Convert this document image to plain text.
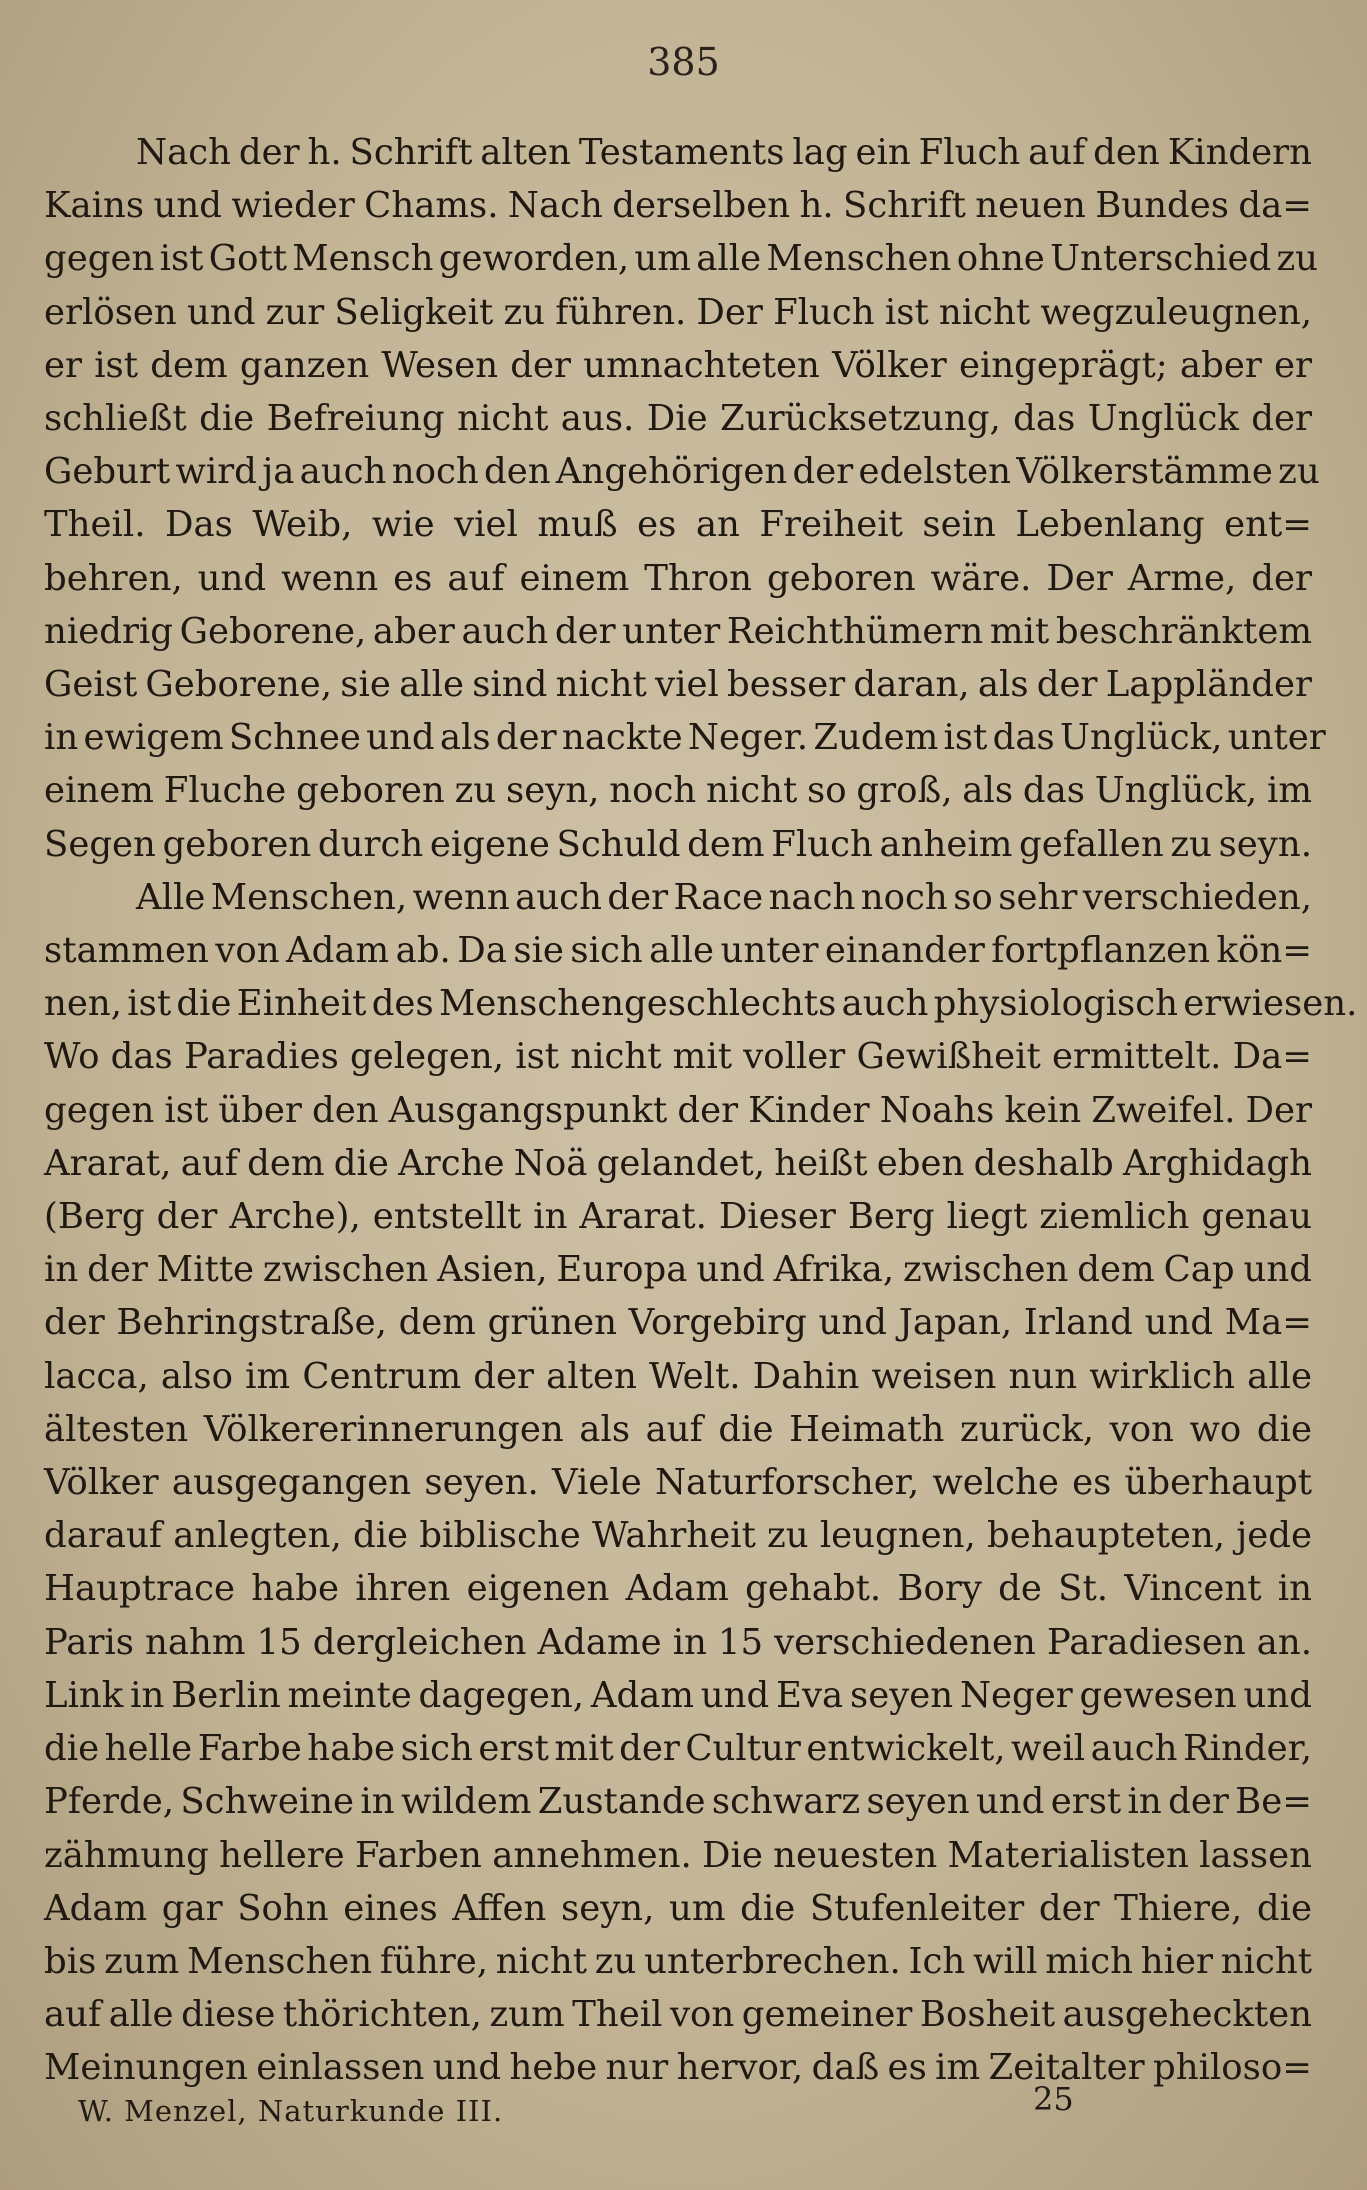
385

Nach der h. Schrift alten Testaments lag ein Fluch auf den Kindern
Kains und wieder Chams. Nach derselben h. Schrift neuen Bundes da=
gegen ist Gott Mensch geworden, um alle Menschen ohne Unterschied zu
erlösen und zur Seligkeit zu führen. Der Fluch ist nicht wegzuleugnen,
er ist dem ganzen Wesen der umnachteten Völker eingeprägt; aber er
schließt die Befreiung nicht aus. Die Zurücksetzung, das Unglück der
Geburt wird ja auch noch den Angehörigen der edelsten Völkerstämme zu
Theil. Das Weib, wie viel muß es an Freiheit sein Lebenlang ent=
behren, und wenn es auf einem Thron geboren wäre. Der Arme, der
niedrig Geborene, aber auch der unter Reichthümern mit beschränktem
Geist Geborene, sie alle sind nicht viel besser daran, als der Lappländer
in ewigem Schnee und als der nackte Neger. Zudem ist das Unglück, unter
einem Fluche geboren zu seyn, noch nicht so groß, als das Unglück, im
Segen geboren durch eigene Schuld dem Fluch anheim gefallen zu seyn.

Alle Menschen, wenn auch der Race nach noch so sehr verschieden,
stammen von Adam ab. Da sie sich alle unter einander fortpflanzen kön=
nen, ist die Einheit des Menschengeschlechts auch physiologisch erwiesen.
Wo das Paradies gelegen, ist nicht mit voller Gewißheit ermittelt. Da=
gegen ist über den Ausgangspunkt der Kinder Noahs kein Zweifel. Der
Ararat, auf dem die Arche Noä gelandet, heißt eben deshalb Arghidagh
(Berg der Arche), entstellt in Ararat. Dieser Berg liegt ziemlich genau
in der Mitte zwischen Asien, Europa und Afrika, zwischen dem Cap und
der Behringstraße, dem grünen Vorgebirg und Japan, Irland und Ma=
lacca, also im Centrum der alten Welt. Dahin weisen nun wirklich alle
ältesten Völkererinnerungen als auf die Heimath zurück, von wo die
Völker ausgegangen seyen. Viele Naturforscher, welche es überhaupt
darauf anlegten, die biblische Wahrheit zu leugnen, behaupteten, jede
Hauptrace habe ihren eigenen Adam gehabt. Bory de St. Vincent in
Paris nahm 15 dergleichen Adame in 15 verschiedenen Paradiesen an.
Link in Berlin meinte dagegen, Adam und Eva seyen Neger gewesen und
die helle Farbe habe sich erst mit der Cultur entwickelt, weil auch Rinder,
Pferde, Schweine in wildem Zustande schwarz seyen und erst in der Be=
zähmung hellere Farben annehmen. Die neuesten Materialisten lassen
Adam gar Sohn eines Affen seyn, um die Stufenleiter der Thiere, die
bis zum Menschen führe, nicht zu unterbrechen. Ich will mich hier nicht
auf alle diese thörichten, zum Theil von gemeiner Bosheit ausgeheckten
Meinungen einlassen und hebe nur hervor, daß es im Zeitalter philoso=

W. Menzel, Naturkunde III.	25
